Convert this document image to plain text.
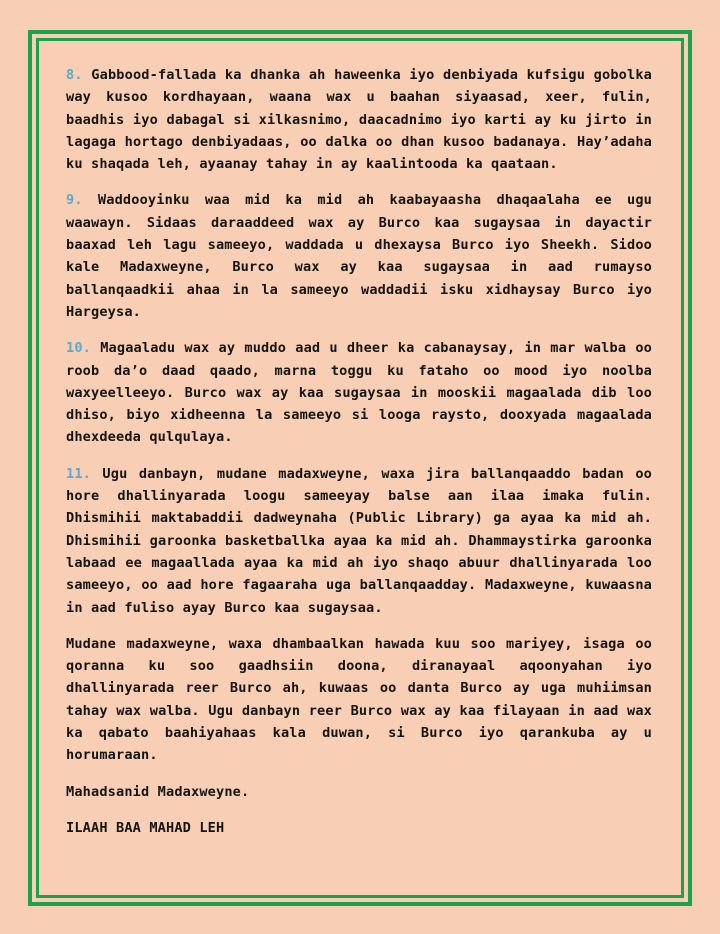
8. Gabbood-fallada ka dhanka ah haweenka iyo denbiyada kufsigu gobolka way kusoo kordhayaan, waana wax u baahan siyaasad, xeer, fulin, baadhis iyo dabagal si xilkasnimo, daacadnimo iyo karti ay ku jirto in lagaga hortago denbiyadaas, oo dalka oo dhan kusoo badanaya. Hay’adaha ku shaqada leh, ayaanay tahay in ay kaalintooda ka qaataan.

9. Waddooyinku waa mid ka mid ah kaabayaasha dhaqaalaha ee ugu waawayn. Sidaas daraaddeed wax ay Burco kaa sugaysaa in dayactir baaxad leh lagu sameeyo, waddada u dhexaysa Burco iyo Sheekh. Sidoo kale Madaxweyne, Burco wax ay kaa sugaysaa in aad rumayso ballanqaadkii ahaa in la sameeyo waddadii isku xidhaysay Burco iyo Hargeysa.

10. Magaaladu wax ay muddo aad u dheer ka cabanaysay, in mar walba oo roob da’o daad qaado, marna toggu ku fataho oo mood iyo noolba waxyeelleeyo. Burco wax ay kaa sugaysaa in mooskii magaalada dib loo dhiso, biyo xidheenna la sameeyo si looga raysto, dooxyada magaalada dhexdeeda qulqulaya.

11. Ugu danbayn, mudane madaxweyne, waxa jira ballanqaaddo badan oo hore dhallinyarada loogu sameeyay balse aan ilaa imaka fulin. Dhismihii maktabaddii dadweynaha (Public Library) ga ayaa ka mid ah. Dhismihii garoonka basketballka ayaa ka mid ah. Dhammaystirka garoonka labaad ee magaallada ayaa ka mid ah iyo shaqo abuur dhallinyarada loo sameeyo, oo aad hore fagaaraha uga ballanqaadday. Madaxweyne, kuwaasna in aad fuliso ayay Burco kaa sugaysaa.

Mudane madaxweyne, waxa dhambaalkan hawada kuu soo mariyey, isaga oo qoranna ku soo gaadhsiin doona, diranayaal aqoonyahan iyo dhallinyarada reer Burco ah, kuwaas oo danta Burco ay uga muhiimsan tahay wax walba. Ugu danbayn reer Burco wax ay kaa filayaan in aad wax ka qabato baahiyahaas kala duwan, si Burco iyo qarankuba ay u horumaraan.

Mahadsanid Madaxweyne.

ILAAH BAA MAHAD LEH
